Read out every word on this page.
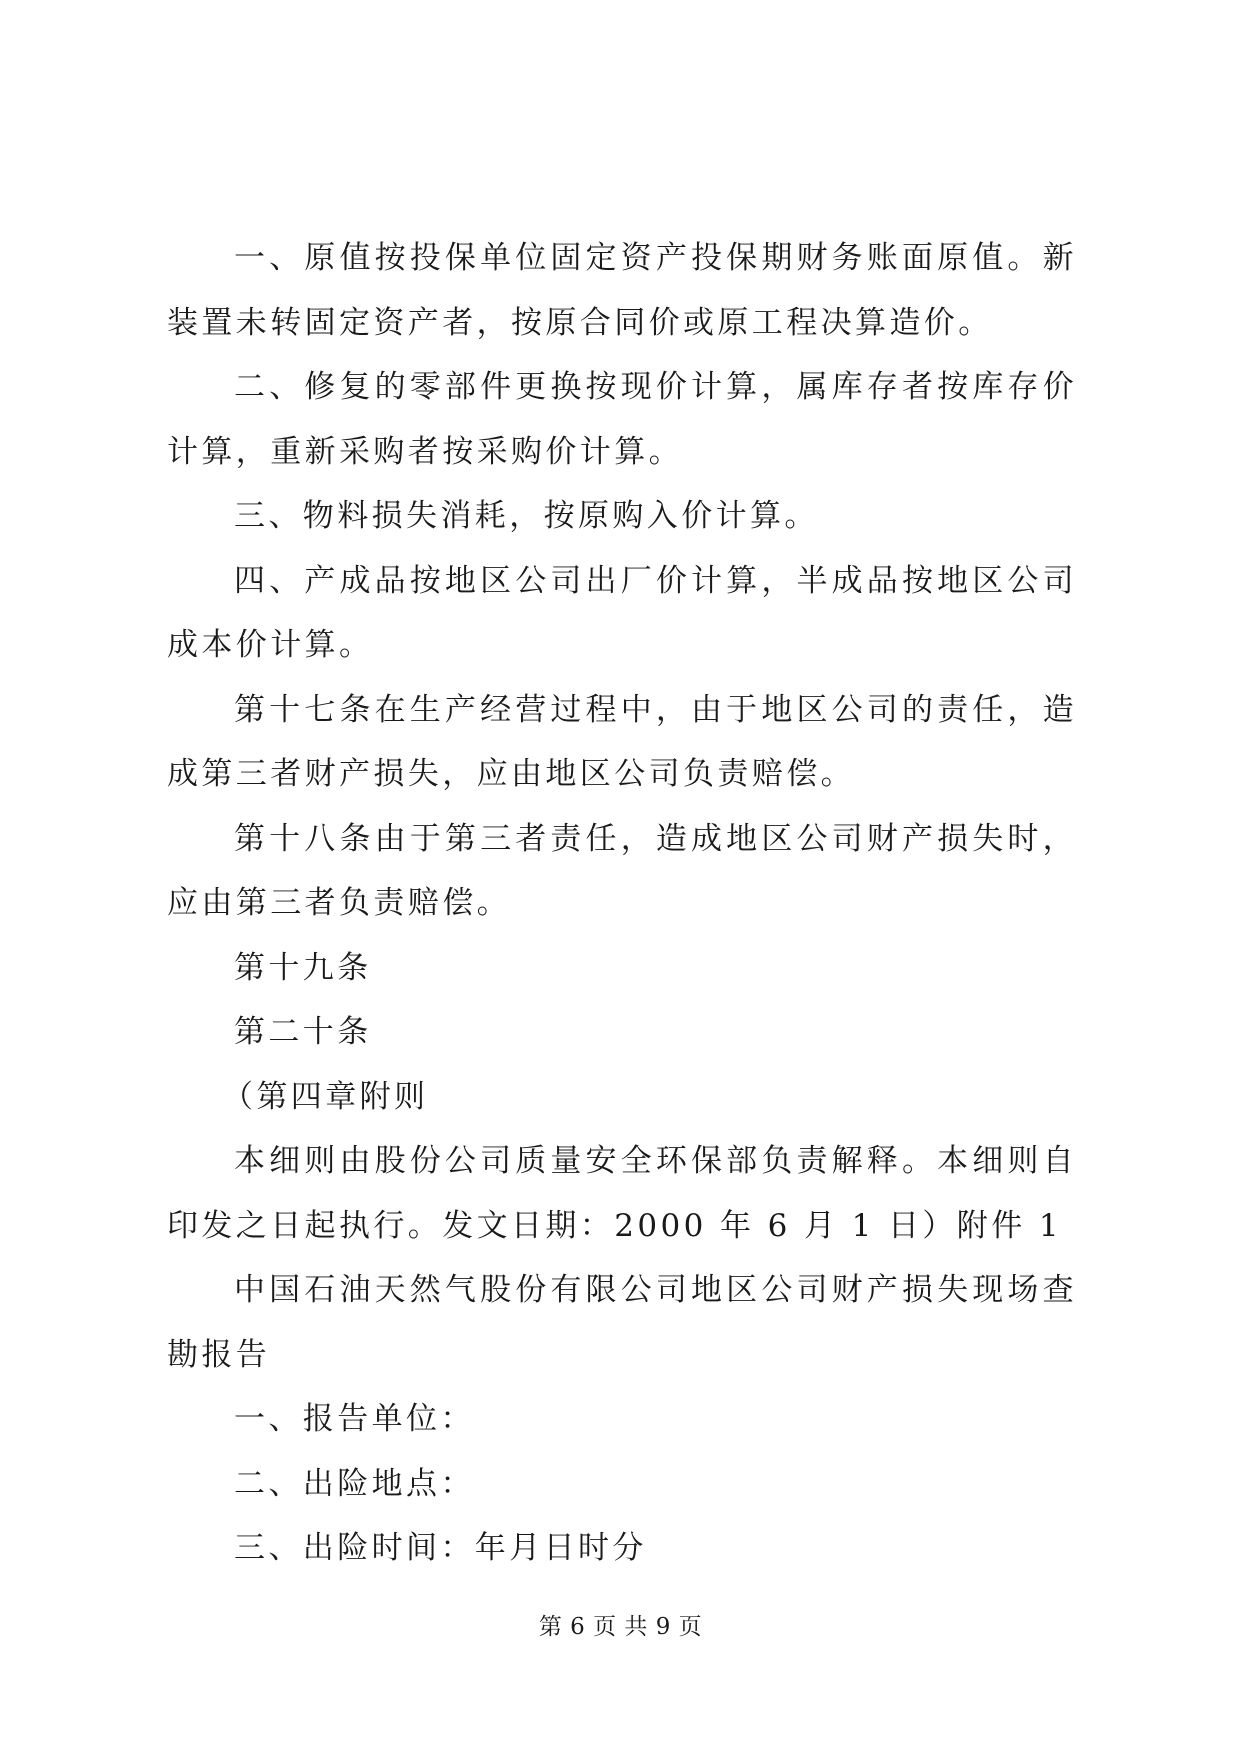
一、原值按投保单位固定资产投保期财务账面原值。新装置未转固定资产者，按原合同价或原工程决算造价。

二、修复的零部件更换按现价计算，属库存者按库存价计算，重新采购者按采购价计算。

三、物料损失消耗，按原购入价计算。

四、产成品按地区公司出厂价计算，半成品按地区公司成本价计算。

第十七条在生产经营过程中，由于地区公司的责任，造成第三者财产损失，应由地区公司负责赔偿。

第十八条由于第三者责任，造成地区公司财产损失时，应由第三者负责赔偿。

第十九条

第二十条

（第四章附则

本细则由股份公司质量安全环保部负责解释。本细则自印发之日起执行。发文日期：2000 年 6 月 1 日）附件 1

中国石油天然气股份有限公司地区公司财产损失现场查勘报告

一、报告单位：

二、出险地点：

三、出险时间：年月日时分

第 6 页 共 9 页
